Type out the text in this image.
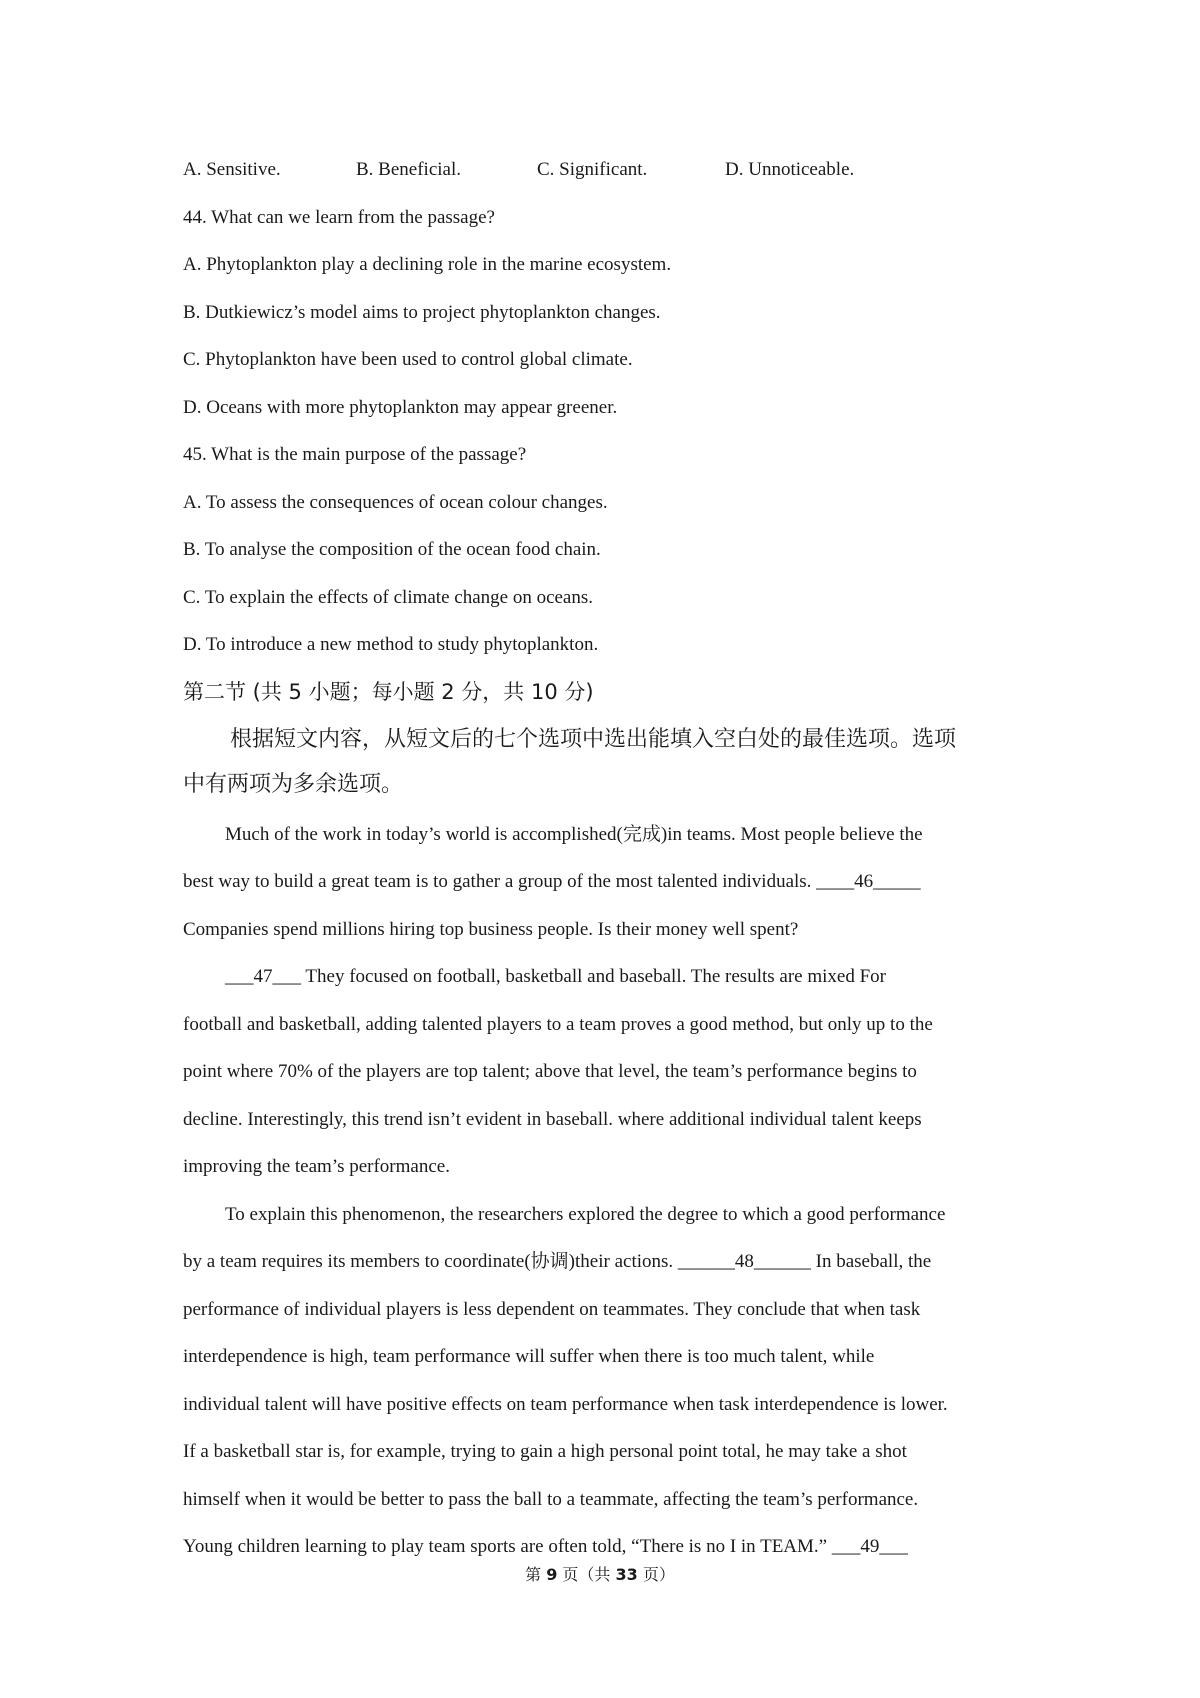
A. Sensitive.	B. Beneficial.	C. Significant.	D. Unnoticeable.
44. What can we learn from the passage?
A. Phytoplankton play a declining role in the marine ecosystem.
B. Dutkiewicz’s model aims to project phytoplankton changes.
C. Phytoplankton have been used to control global climate.
D. Oceans with more phytoplankton may appear greener.
45. What is the main purpose of the passage?
A. To assess the consequences of ocean colour changes.
B. To analyse the composition of the ocean food chain.
C. To explain the effects of climate change on oceans.
D. To introduce a new method to study phytoplankton.
第二节 (共 5 小题；每小题 2 分，共 10 分)
根据短文内容，从短文后的七个选项中选出能填入空白处的最佳选项。选项
中有两项为多余选项。
Much of the work in today’s world is accomplished(完成)in teams. Most people believe the
best way to build a great team is to gather a group of the most talented individuals. ____46_____
Companies spend millions hiring top business people. Is their money well spent?
___47___ They focused on football, basketball and baseball. The results are mixed For
football and basketball, adding talented players to a team proves a good method, but only up to the
point where 70% of the players are top talent; above that level, the team’s performance begins to
decline. Interestingly, this trend isn’t evident in baseball. where additional individual talent keeps
improving the team’s performance.
To explain this phenomenon, the researchers explored the degree to which a good performance
by a team requires its members to coordinate(协调)their actions. ______48______ In baseball, the
performance of individual players is less dependent on teammates. They conclude that when task
interdependence is high, team performance will suffer when there is too much talent, while
individual talent will have positive effects on team performance when task interdependence is lower.
If a basketball star is, for example, trying to gain a high personal point total, he may take a shot
himself when it would be better to pass the ball to a teammate, affecting the team’s performance.
Young children learning to play team sports are often told, “There is no I in TEAM.” ___49___
第 9 页（共 33 页）
